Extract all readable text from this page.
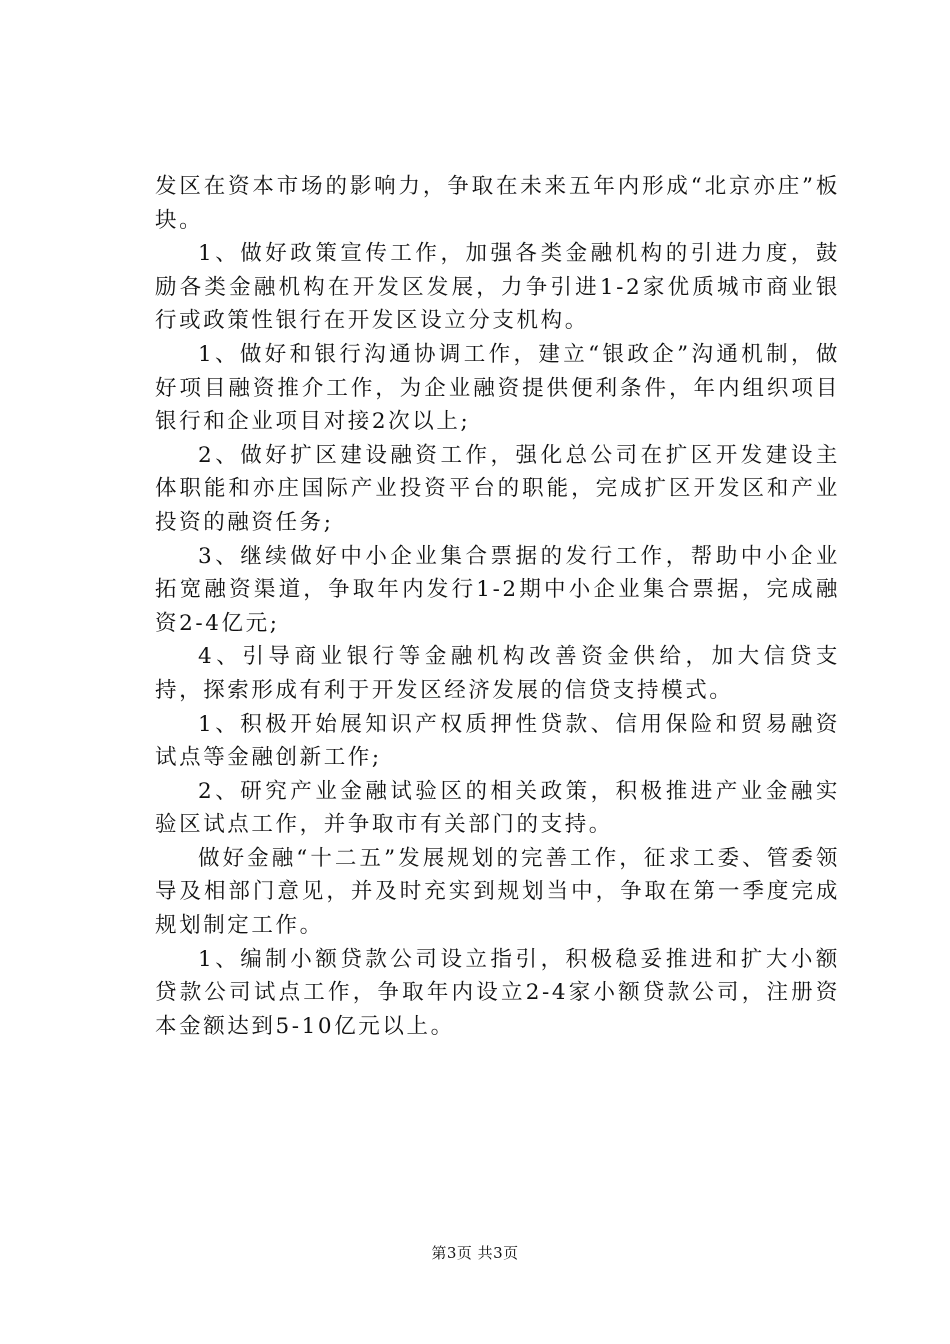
发区在资本市场的影响力，争取在未来五年内形成“北京亦庄”板块。

1、做好政策宣传工作，加强各类金融机构的引进力度，鼓励各类金融机构在开发区发展，力争引进1-2家优质城市商业银行或政策性银行在开发区设立分支机构。

1、做好和银行沟通协调工作，建立“银政企”沟通机制，做好项目融资推介工作，为企业融资提供便利条件，年内组织项目银行和企业项目对接2次以上;

2、做好扩区建设融资工作，强化总公司在扩区开发建设主体职能和亦庄国际产业投资平台的职能，完成扩区开发区和产业投资的融资任务;

3、继续做好中小企业集合票据的发行工作，帮助中小企业拓宽融资渠道，争取年内发行1-2期中小企业集合票据，完成融资2-4亿元;

4、引导商业银行等金融机构改善资金供给，加大信贷支持，探索形成有利于开发区经济发展的信贷支持模式。

1、积极开始展知识产权质押性贷款、信用保险和贸易融资试点等金融创新工作;

2、研究产业金融试验区的相关政策，积极推进产业金融实验区试点工作，并争取市有关部门的支持。

做好金融“十二五”发展规划的完善工作，征求工委、管委领导及相部门意见，并及时充实到规划当中，争取在第一季度完成规划制定工作。

1、编制小额贷款公司设立指引，积极稳妥推进和扩大小额贷款公司试点工作，争取年内设立2-4家小额贷款公司，注册资本金额达到5-10亿元以上。

第3页 共3页
